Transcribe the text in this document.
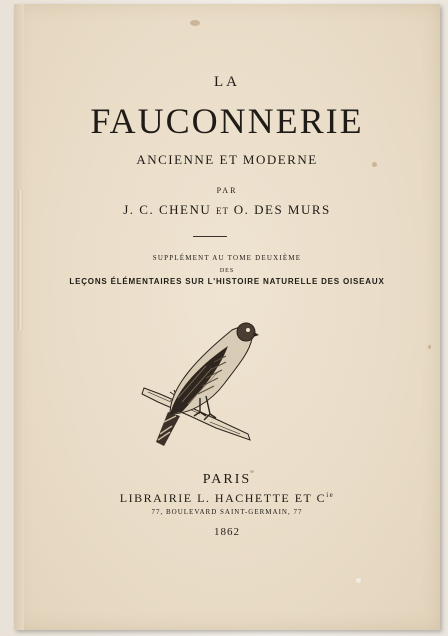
LA
FAUCONNERIE
ANCIENNE ET MODERNE
PAR
J. C. CHENU ET O. DES MURS
SUPPLÉMENT AU TOME DEUXIÈME
DES
LEÇONS ÉLÉMENTAIRES SUR L'HISTOIRE NATURELLE DES OISEAUX
PARIS
LIBRAIRIE L. HACHETTE ET $C^{ie}$
77, BOULEVARD SAINT-GERMAIN, 77
1862
